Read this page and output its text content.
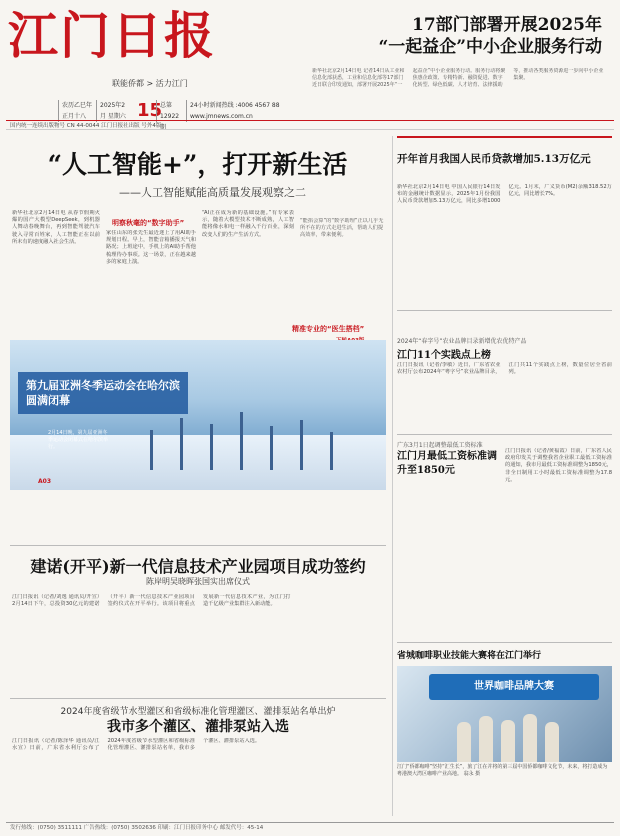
江门日报
联能侨都 > 活力江门
农历乙巳年 正月十八
2025年2月 星期六 15
总第 12922期
24小时新闻热线 :4006 4567 88 www.jmnews.com.cn
17部门部署开展2025年
“一起益企”中小企业服务行动
新华社北京2月14日电 记者14日从工业和信息化部获悉，工业和信息化部等17部门近日联合印发通知，部署开展2025年“一起益企”中小企业服务行动。服务行动将聚焦惠企政策、专精特新、融资促进、数字化转型、绿色低碳、人才培育、法律援助等，推动各类服务资源进一步向中小企业集聚。
国内统一连续出版物号 CN 44-0044 江门日报社出版 号外4版
“人工智能+”，打开新生活
——人工智能赋能高质量发展观察之二
新华社北京2月14日电 从春节假期火爆的国产大模型DeepSeek，到机器人舞动春晚舞台，再到智能驾驶汽车驶入寻常百姓家，人工智能正在以前所未有的速度融入社会生活。
明察秋毫的“数字助手”
家住山东的张先生最近迷上了用AI助手规划日程。早上，智能音箱播报天气和路况；上班途中，手机上的AI助手帮他梳理待办事项。这一场景，正在越来越多的家庭上演。
“AI正在成为新的基础设施。”有专家表示，随着大模型技术不断成熟，人工智能将像水和电一样融入千行百业，深刻改变人们的生产生活方式。
“能掐会算”的“数字助理”正以几乎无所不在的方式走进生活，帮助人们提高效率，带来便利。
精准专业的“医生搭档”
第九届亚洲冬季运动会在哈尔滨圆满闭幕
2月14日晚，第九届亚洲冬季运动会闭幕式在哈尔滨举行。
A03
建诺(开平)新一代信息技术产业园项目成功签约
陈岸明吴晓晖张国实出席仪式
江门日报讯（记者/刘逸 通讯员/开宣）2月14日下午，总投资30亿元的建诺（开平）新一代信息技术产业园项目签约仪式在开平举行。该项目将重点发展新一代信息技术产业，为江门打造千亿级产业集群注入新动能。
2024年度省级节水型灌区和省级标准化管理灌区、灌排泵站名单出炉
我市多个灌区、灌排泵站入选
江门日报讯（记者/陈泽华 通讯员/江水宣）日前，广东省水利厅公布了2024年度省级节水型灌区和省级标准化管理灌区、灌排泵站名单，我市多个灌区、灌排泵站入选。
开年首月我国人民币贷款增加5.13万亿元
新华社北京2月14日电 中国人民银行14日发布的金融统计数据显示，2025年1月份我国人民币贷款增加5.13万亿元，同比多增1000亿元。1月末，广义货币(M2)余额318.52万亿元，同比增长7%。
2024年“春字号”农业品牌目录新增优农优特产品
江门11个实践点上榜
江门日报讯（记者/李敏）近日，广东省农业农村厅公布2024年“粤字号”农业品牌目录，江门共11个实践点上榜，数量位居全省前列。
广东3月1日起调整最低工资标准
江门月最低工资标准调升至1850元
江门日报讯（记者/黄福霞）日前，广东省人民政府印发关于调整我省企业职工最低工资标准的通知，我市月最低工资标准调整为1850元，非全日制用工小时最低工资标准调整为17.8元。
省城咖啡职业技能大赛将在江门举行
世界咖啡品牌大赛
江门“侨都咖啡”坚持“汇生长”，旅了江在并将的第三届中国侨都咖啡文化节，未来，将打造成为粤港澳大湾区咖啡产业高地。 翁永 摄
发行热线：(0750) 3511111 广告热线：(0750) 3502636 印刷：江门日报印务中心 邮发代号：45-14
